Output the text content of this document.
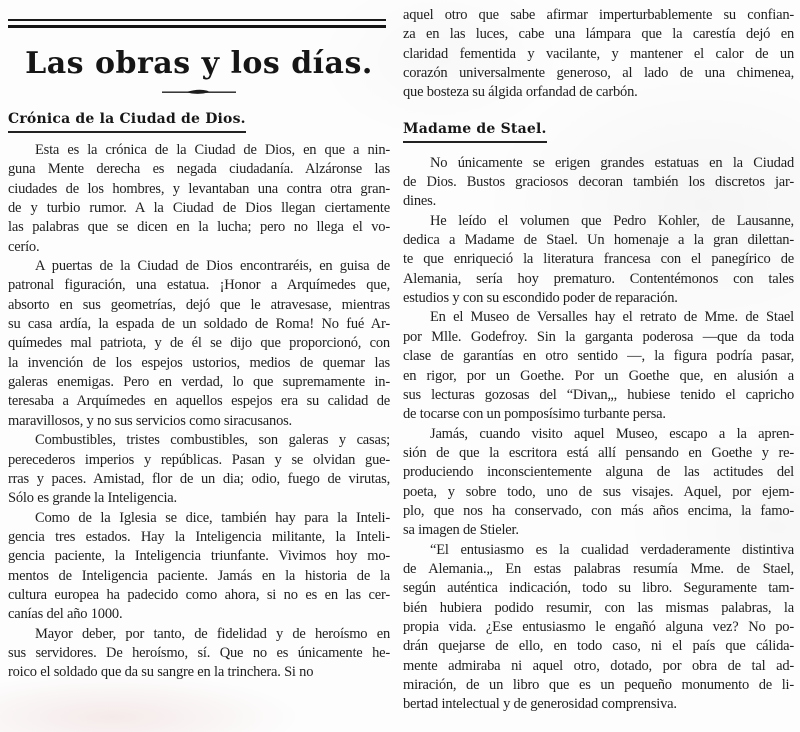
Las obras y los días.
Crónica de la Ciudad de Dios.
Esta es la crónica de la Ciudad de Dios, en que a nin-
guna Mente derecha es negada ciudadanía. Alzáronse las
ciudades de los hombres, y levantaban una contra otra gran-
de y turbio rumor. A la Ciudad de Dios llegan ciertamente
las palabras que se dicen en la lucha; pero no llega el vo-
cerío.
A puertas de la Ciudad de Dios encontraréis, en guisa de
patronal figuración, una estatua. ¡Honor a Arquímedes que,
absorto en sus geometrías, dejó que le atravesase, mientras
su casa ardía, la espada de un soldado de Roma! No fué Ar-
químedes mal patriota, y de él se dijo que proporcionó, con
la invención de los espejos ustorios, medios de quemar las
galeras enemigas. Pero en verdad, lo que supremamente in-
teresaba a Arquímedes en aquellos espejos era su calidad de
maravillosos, y no sus servicios como siracusanos.
Combustibles, tristes combustibles, son galeras y casas;
perecederos imperios y repúblicas. Pasan y se olvidan gue-
rras y paces. Amistad, flor de un dia; odio, fuego de virutas,
Sólo es grande la Inteligencia.
Como de la Iglesia se dice, también hay para la Inteli-
gencia tres estados. Hay la Inteligencia militante, la Inteli-
gencia paciente, la Inteligencia triunfante. Vivimos hoy mo-
mentos de Inteligencia paciente. Jamás en la historia de la
cultura europea ha padecido como ahora, si no es en las cer-
canías del año 1000.
Mayor deber, por tanto, de fidelidad y de heroísmo en
sus servidores. De heroísmo, sí. Que no es únicamente he-
roico el soldado que da su sangre en la trinchera. Si no
aquel otro que sabe afirmar imperturbablemente su confian-
za en las luces, cabe una lámpara que la carestía dejó en
claridad fementida y vacilante, y mantener el calor de un
corazón universalmente generoso, al lado de una chimenea,
que bosteza su álgida orfandad de carbón.
Madame de Stael.
No únicamente se erigen grandes estatuas en la Ciudad
de Dios. Bustos graciosos decoran también los discretos jar-
dines.
He leído el volumen que Pedro Kohler, de Lausanne,
dedica a Madame de Stael. Un homenaje a la gran dilettan-
te que enriqueció la literatura francesa con el panegírico de
Alemania, sería hoy prematuro. Contentémonos con tales
estudios y con su escondido poder de reparación.
En el Museo de Versalles hay el retrato de Mme. de Stael
por Mlle. Godefroy. Sin la garganta poderosa —que da toda
clase de garantías en otro sentido —, la figura podría pasar,
en rigor, por un Goethe. Por un Goethe que, en alusión a
sus lecturas gozosas del “Divan„, hubiese tenido el capricho
de tocarse con un pomposísimo turbante persa.
Jamás, cuando visito aquel Museo, escapo a la apren-
sión de que la escritora está allí pensando en Goethe y re-
produciendo inconscientemente alguna de las actitudes del
poeta, y sobre todo, uno de sus visajes. Aquel, por ejem-
plo, que nos ha conservado, con más años encima, la famo-
sa imagen de Stieler.
“El entusiasmo es la cualidad verdaderamente distintiva
de Alemania.„ En estas palabras resumía Mme. de Stael,
según auténtica indicación, todo su libro. Seguramente tam-
bién hubiera podido resumir, con las mismas palabras, la
propia vida. ¿Ese entusiasmo le engañó alguna vez? No po-
drán quejarse de ello, en todo caso, ni el país que cálida-
mente admiraba ni aquel otro, dotado, por obra de tal ad-
miración, de un libro que es un pequeño monumento de li-
bertad intelectual y de generosidad comprensiva.
